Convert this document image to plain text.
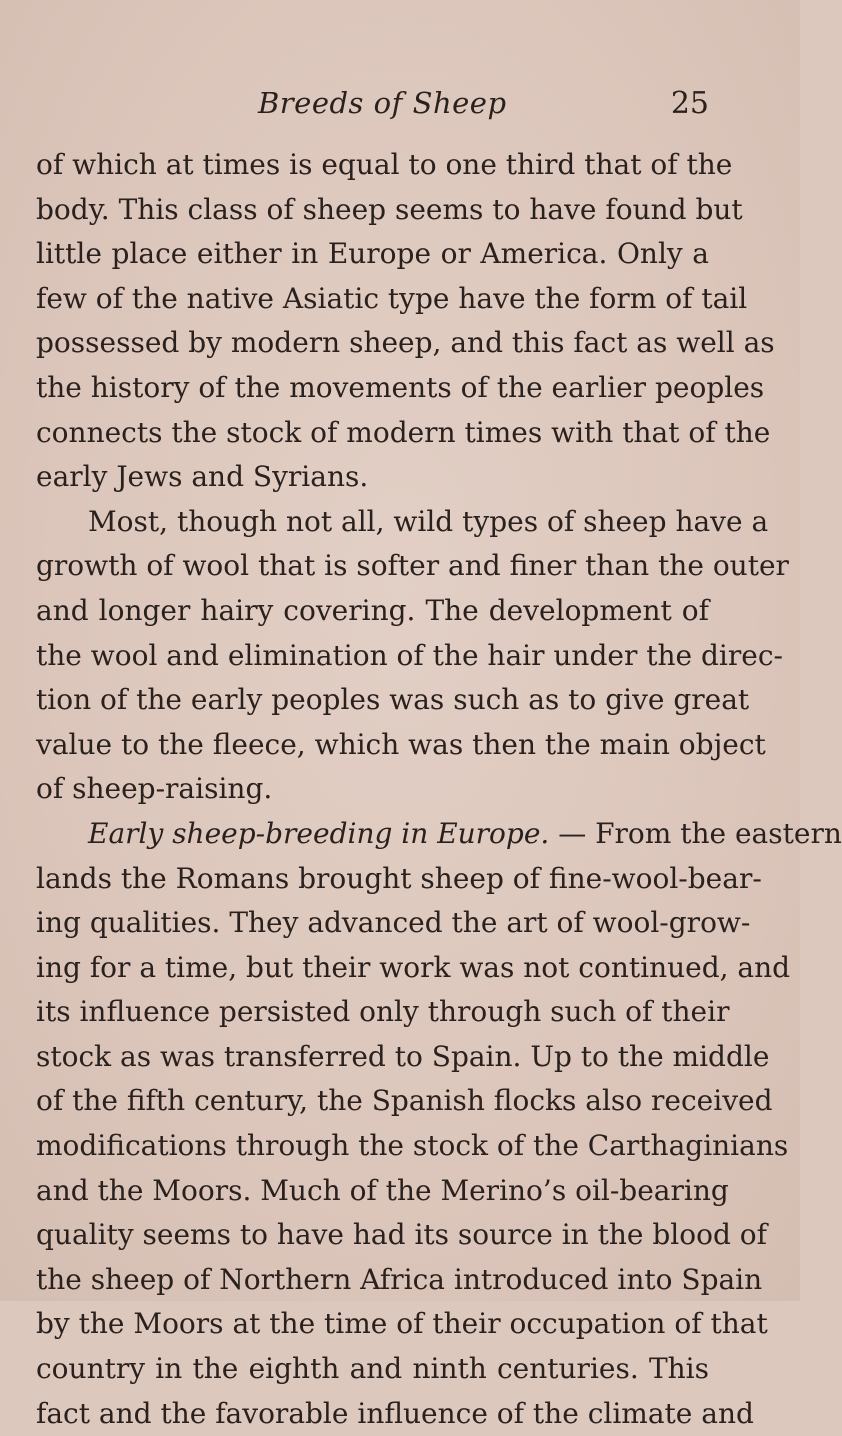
Breeds of Sheep	25
of which at times is equal to one third that of the
body. This class of sheep seems to have found but
little place either in Europe or America. Only a
few of the native Asiatic type have the form of tail
possessed by modern sheep, and this fact as well as
the history of the movements of the earlier peoples
connects the stock of modern times with that of the
early Jews and Syrians.
Most, though not all, wild types of sheep have a
growth of wool that is softer and finer than the outer
and longer hairy covering. The development of
the wool and elimination of the hair under the direc-
tion of the early peoples was such as to give great
value to the fleece, which was then the main object
of sheep-raising.
Early sheep-breeding in Europe. — From the eastern
lands the Romans brought sheep of fine-wool-bear-
ing qualities. They advanced the art of wool-grow-
ing for a time, but their work was not continued, and
its influence persisted only through such of their
stock as was transferred to Spain. Up to the middle
of the fifth century, the Spanish flocks also received
modifications through the stock of the Carthaginians
and the Moors. Much of the Merino’s oil-bearing
quality seems to have had its source in the blood of
the sheep of Northern Africa introduced into Spain
by the Moors at the time of their occupation of that
country in the eighth and ninth centuries. This
fact and the favorable influence of the climate and
